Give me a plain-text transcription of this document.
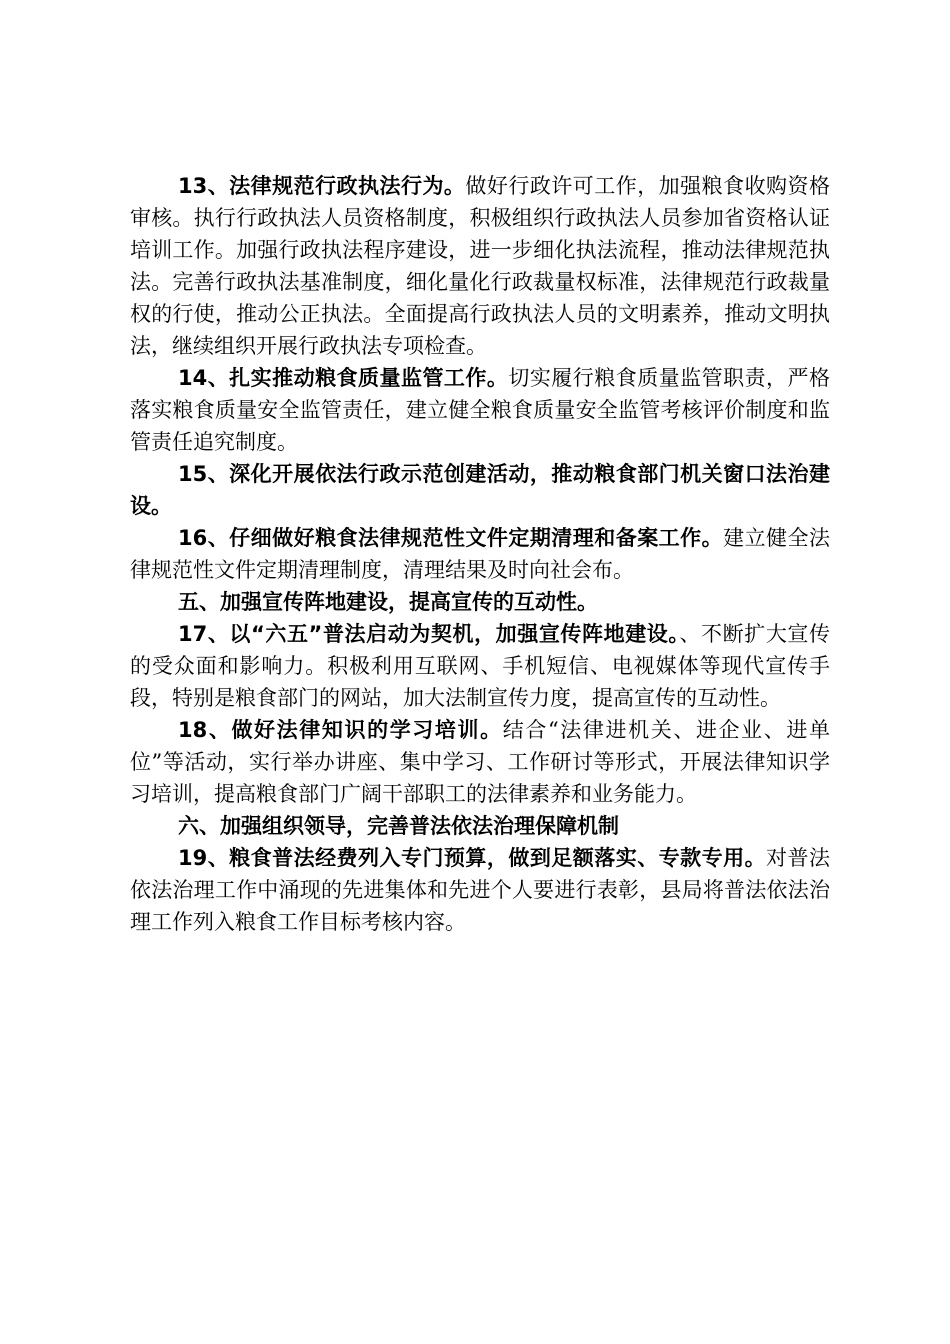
13、法律规范行政执法行为。做好行政许可工作，加强粮食收购资格审核。执行行政执法人员资格制度，积极组织行政执法人员参加省资格认证培训工作。加强行政执法程序建设，进一步细化执法流程，推动法律规范执法。完善行政执法基准制度，细化量化行政裁量权标准，法律规范行政裁量权的行使，推动公正执法。全面提高行政执法人员的文明素养，推动文明执法，继续组织开展行政执法专项检查。

14、扎实推动粮食质量监管工作。切实履行粮食质量监管职责，严格落实粮食质量安全监管责任，建立健全粮食质量安全监管考核评价制度和监管责任追究制度。

15、深化开展依法行政示范创建活动，推动粮食部门机关窗口法治建设。

16、仔细做好粮食法律规范性文件定期清理和备案工作。建立健全法律规范性文件定期清理制度，清理结果及时向社会布。

五、加强宣传阵地建设，提高宣传的互动性。

17、以“六五”普法启动为契机，加强宣传阵地建设。、不断扩大宣传的受众面和影响力。积极利用互联网、手机短信、电视媒体等现代宣传手段，特别是粮食部门的网站，加大法制宣传力度，提高宣传的互动性。

18、做好法律知识的学习培训。结合“法律进机关、进企业、进单位”等活动，实行举办讲座、集中学习、工作研讨等形式，开展法律知识学习培训，提高粮食部门广阔干部职工的法律素养和业务能力。

六、加强组织领导，完善普法依法治理保障机制

19、粮食普法经费列入专门预算，做到足额落实、专款专用。对普法依法治理工作中涌现的先进集体和先进个人要进行表彰，县局将普法依法治理工作列入粮食工作目标考核内容。
